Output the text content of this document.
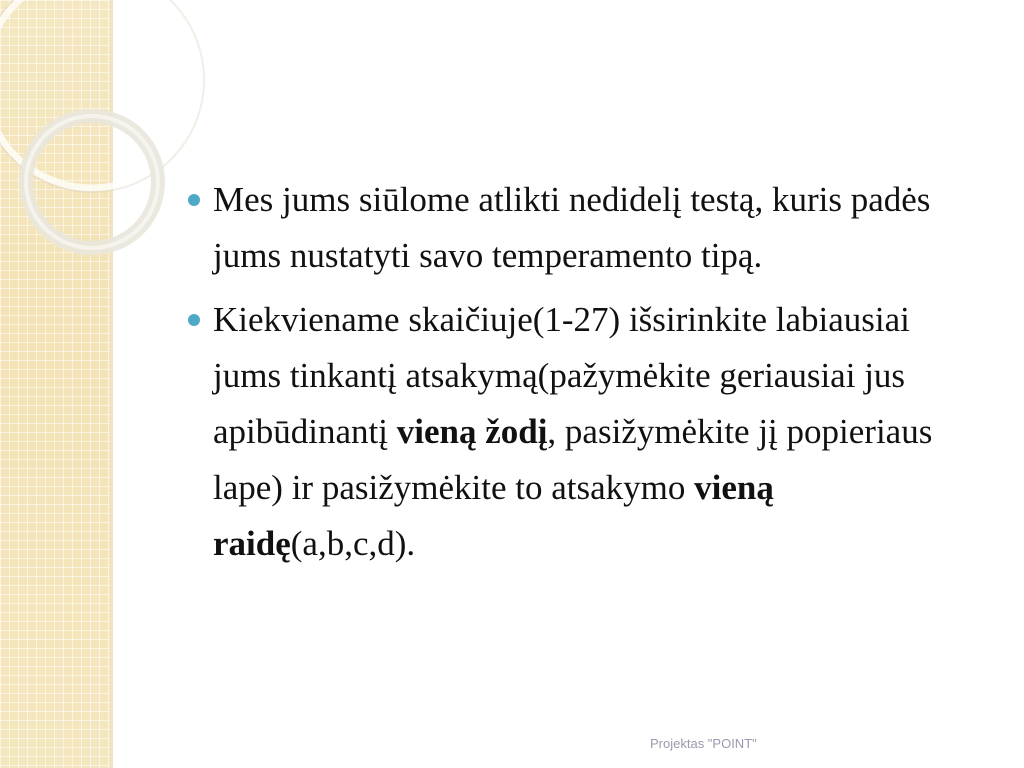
Mes jums siūlome atlikti nedidelį testą, kuris padės jums nustatyti savo temperamento tipą.
Kiekviename skaičiuje(1-27) išsirinkite labiausiai jums tinkantį atsakymą(pažymėkite geriausiai jus apibūdinantį vieną žodį, pasižymėkite jį popieriaus lape) ir pasižymėkite to atsakymo vieną raidę(a,b,c,d).
Projektas "POINT"
